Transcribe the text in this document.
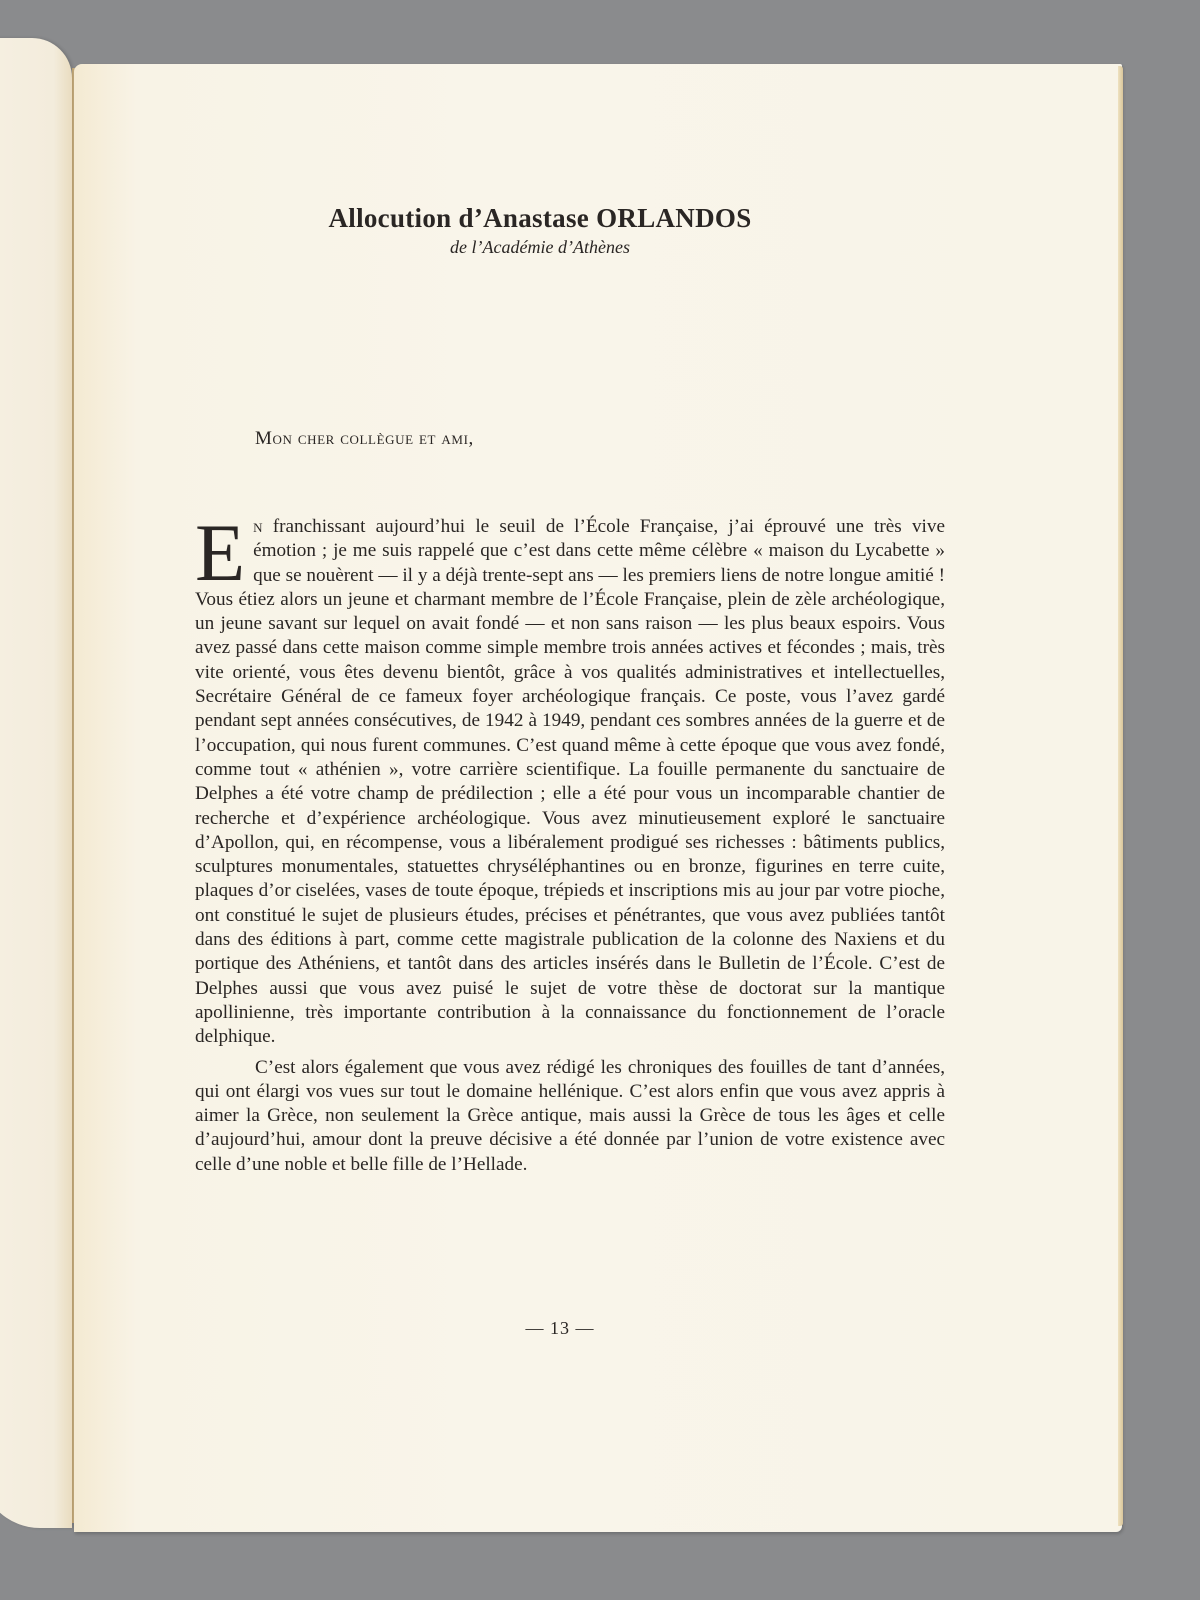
Allocution d’Anastase ORLANDOS

de l’Académie d’Athènes

Mon cher collègue et ami,

En franchissant aujourd’hui le seuil de l’École Française, j’ai éprouvé une très vive émotion ; je me suis rappelé que c’est dans cette même célèbre « maison du Lycabette » que se nouèrent — il y a déjà trente-sept ans — les premiers liens de notre longue amitié ! Vous étiez alors un jeune et charmant membre de l’École Française, plein de zèle archéologique, un jeune savant sur lequel on avait fondé — et non sans raison — les plus beaux espoirs. Vous avez passé dans cette maison comme simple membre trois années actives et fécondes ; mais, très vite orienté, vous êtes devenu bientôt, grâce à vos qualités administratives et intellectuelles, Secrétaire Général de ce fameux foyer archéologique français. Ce poste, vous l’avez gardé pendant sept années consécutives, de 1942 à 1949, pendant ces sombres années de la guerre et de l’occupation, qui nous furent communes. C’est quand même à cette époque que vous avez fondé, comme tout « athénien », votre carrière scientifique. La fouille permanente du sanctuaire de Delphes a été votre champ de prédilection ; elle a été pour vous un incomparable chantier de recherche et d’expérience archéologique. Vous avez minutieusement exploré le sanctuaire d’Apollon, qui, en récompense, vous a libéralement prodigué ses richesses : bâtiments publics, sculptures monumentales, statuettes chryséléphantines ou en bronze, figurines en terre cuite, plaques d’or ciselées, vases de toute époque, trépieds et inscriptions mis au jour par votre pioche, ont constitué le sujet de plusieurs études, précises et pénétrantes, que vous avez publiées tantôt dans des éditions à part, comme cette magistrale publication de la colonne des Naxiens et du portique des Athéniens, et tantôt dans des articles insérés dans le Bulletin de l’École. C’est de Delphes aussi que vous avez puisé le sujet de votre thèse de doctorat sur la mantique apollinienne, très importante contribution à la connaissance du fonctionnement de l’oracle delphique.

C’est alors également que vous avez rédigé les chroniques des fouilles de tant d’années, qui ont élargi vos vues sur tout le domaine hellénique. C’est alors enfin que vous avez appris à aimer la Grèce, non seulement la Grèce antique, mais aussi la Grèce de tous les âges et celle d’aujourd’hui, amour dont la preuve décisive a été donnée par l’union de votre existence avec celle d’une noble et belle fille de l’Hellade.

— 13 —
